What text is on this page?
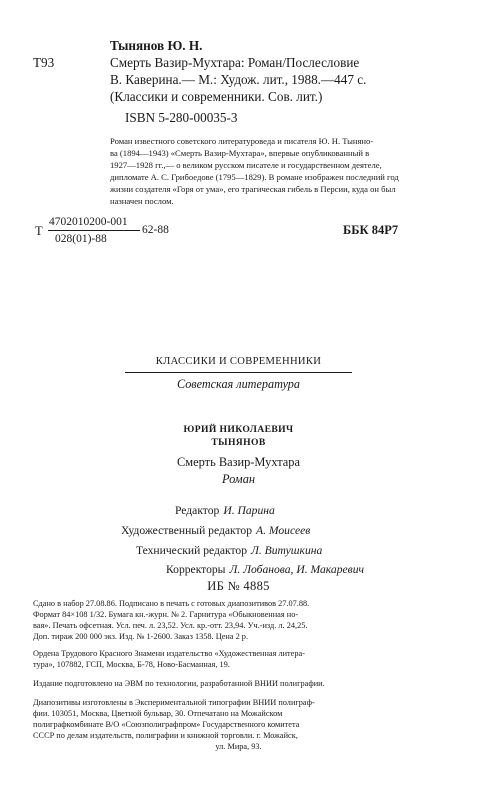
Тынянов Ю. Н.
Т93	Смерть Вазир-Мухтара: Роман/Послесловие
В. Каверина.— М.: Худож. лит., 1988.—447 с.
(Классики и современники. Сов. лит.)
ISBN 5-280-00035-3
Роман известного советского литературоведа и писателя Ю. Н. Тыняно-
ва (1894—1943) «Смерть Вазир-Мухтара», впервые опубликованный в
1927—1928 гг.,— о великом русском писателе и государственном деятеле,
дипломате А. С. Грибоедове (1795—1829). В романе изображен последний год
жизни создателя «Горя от ума», его трагическая гибель в Персии, куда он был
назначен послом.
Т
4702010200-001
028(01)-88
62-88	ББК 84Р7
КЛАССИКИ И СОВРЕМЕННИКИ
Советская литература
ЮРИЙ НИКОЛАЕВИЧ
ТЫНЯНОВ
Смерть Вазир-Мухтара
Роман
Редактор И. Парина
Художественный редактор А. Моисеев
Технический редактор Л. Витушкина
Корректоры Л. Лобанова, И. Макаревич
ИБ № 4885
Сдано в набор 27.08.86. Подписано в печать с готовых диапозитивов 27.07.88.
Формат 84×108 1/32. Бумага кн.-журн. № 2. Гарнитура «Обыкновенная но-
вая». Печать офсетная. Усл. печ. л. 23,52. Усл. кр.-отт. 23,94. Уч.-изд. л. 24,25.
Доп. тираж 200 000 экз. Изд. № 1-2600. Заказ 1358. Цена 2 р.
Ордена Трудового Красного Знамени издательство «Художественная литера-
тура», 107882, ГСП, Москва, Б-78, Ново-Басманная, 19.
Издание подготовлено на ЭВМ по технологии, разработанной ВНИИ полиграфии.
Диапозитивы изготовлены в Экспериментальной типографии ВНИИ полиграф-
фии. 103051, Москва, Цветной бульвар, 30. Отпечатано на Можайском
полиграфкомбинате В/О «Союзполиграфпром» Государственного комитета
СССР по делам издательств, полиграфии и книжной торговли. г. Можайск,
ул. Мира, 93.
